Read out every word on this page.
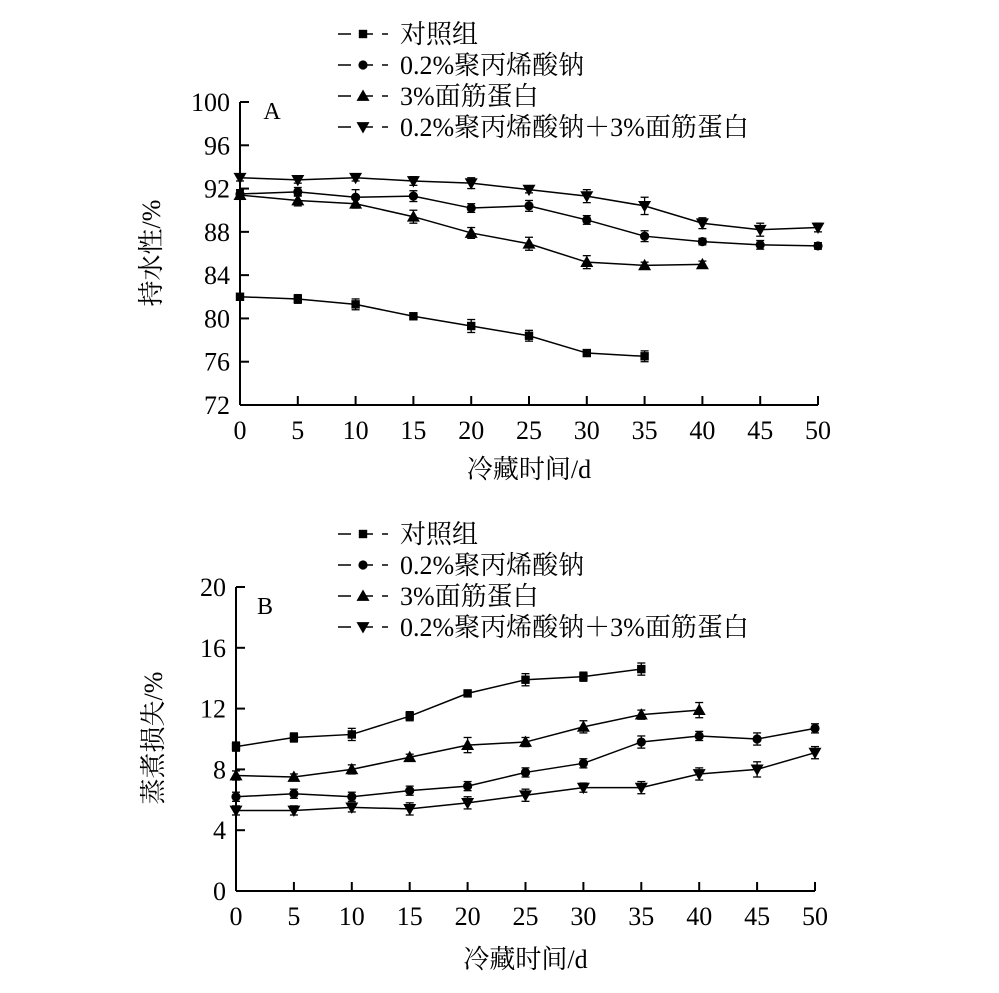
72
76
80
84
88
92
96
100
0 5 10 15 20 25 30 35 40 45 50
冷藏时间/d
持水性/%
A
对照组
0.2%聚丙烯酸钠
3%面筋蛋白
0.2%聚丙烯酸钠＋3%面筋蛋白
0
4
8
12
16
20
0 5 10 15 20 25 30 35 40 45 50
冷藏时间/d
蒸煮损失/%
B
对照组
0.2%聚丙烯酸钠
3%面筋蛋白
0.2%聚丙烯酸钠＋3%面筋蛋白
